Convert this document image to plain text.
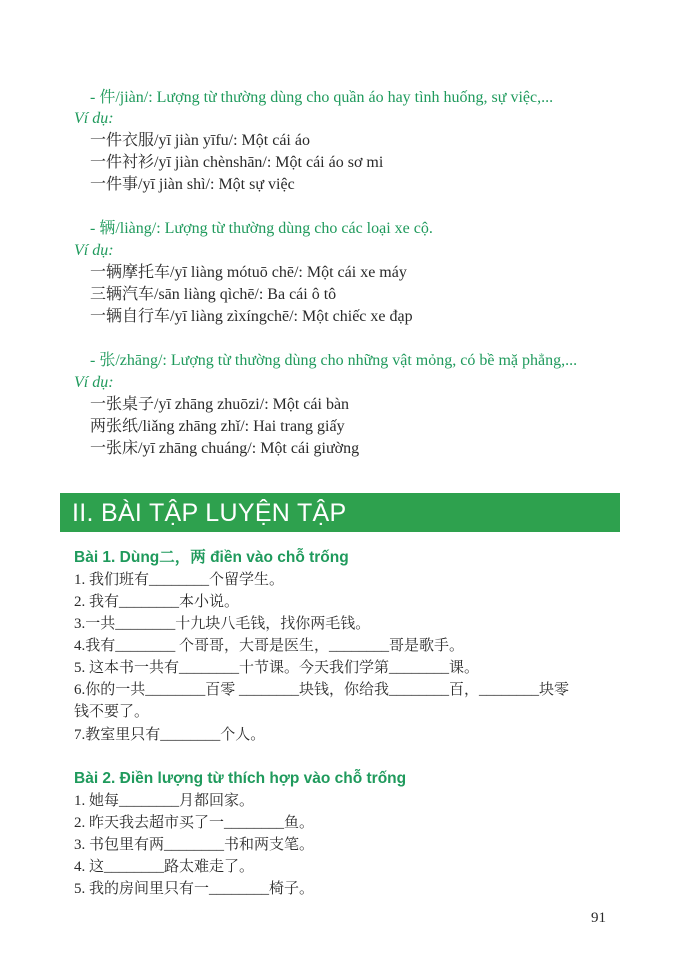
- 件/jiàn/: Lượng từ thường dùng cho quần áo hay tình huống, sự việc,...
Ví dụ:
一件衣服/yī jiàn yīfu/: Một cái áo
一件衬衫/yī jiàn chènshān/: Một cái áo sơ mi
一件事/yī jiàn shì/: Một sự việc
- 辆/liàng/: Lượng từ thường dùng cho các loại xe cộ.
Ví dụ:
一辆摩托车/yī liàng mótuō chē/: Một cái xe máy
三辆汽车/sān liàng qìchē/: Ba cái ô tô
一辆自行车/yī liàng zìxíngchē/: Một chiếc xe đạp
- 张/zhāng/: Lượng từ thường dùng cho những vật mỏng, có bề mặ phẳng,...
Ví dụ:
一张桌子/yī zhāng zhuōzi/: Một cái bàn
两张纸/liǎng zhāng zhǐ/: Hai trang giấy
一张床/yī zhāng chuáng/: Một cái giường
II. BÀI TẬP LUYỆN TẬP
Bài 1. Dùng二，两 điền vào chỗ trống
1. 我们班有________个留学生。
2. 我有________本小说。
3.一共________十九块八毛钱，找你两毛钱。
4.我有________ 个哥哥，大哥是医生，________哥是歌手。
5. 这本书一共有________十节课。今天我们学第________课。
6.你的一共________百零 ________块钱，你给我________百，________块零
钱不要了。
7.教室里只有________个人。
Bài 2. Điền lượng từ thích hợp vào chỗ trống
1. 她每________月都回家。
2. 昨天我去超市买了一________鱼。
3. 书包里有两________书和两支笔。
4. 这________路太难走了。
5. 我的房间里只有一________椅子。
91
